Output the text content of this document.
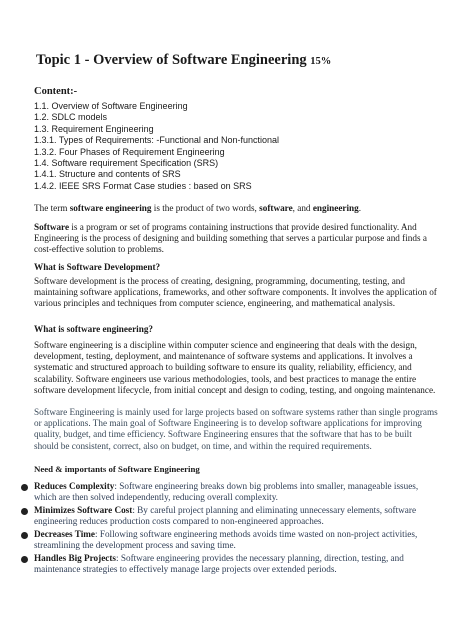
Topic 1 - Overview of Software Engineering 15%
Content:-
1.1. Overview of Software Engineering
1.2. SDLC models
1.3. Requirement Engineering
1.3.1. Types of Requirements: -Functional and Non-functional
1.3.2. Four Phases of Requirement Engineering
1.4. Software requirement Specification (SRS)
1.4.1. Structure and contents of SRS
1.4.2. IEEE SRS Format Case studies : based on SRS
The term software engineering is the product of two words, software, and engineering.
Software is a program or set of programs containing instructions that provide desired functionality. And Engineering is the process of designing and building something that serves a particular purpose and finds a cost-effective solution to problems.
What is Software Development?
Software development is the process of creating, designing, programming, documenting, testing, and maintaining software applications, frameworks, and other software components. It involves the application of various principles and techniques from computer science, engineering, and mathematical analysis.
What is software engineering?
Software engineering is a discipline within computer science and engineering that deals with the design, development, testing, deployment, and maintenance of software systems and applications. It involves a systematic and structured approach to building software to ensure its quality, reliability, efficiency, and scalability. Software engineers use various methodologies, tools, and best practices to manage the entire software development lifecycle, from initial concept and design to coding, testing, and ongoing maintenance.
Software Engineering is mainly used for large projects based on software systems rather than single programs or applications. The main goal of Software Engineering is to develop software applications for improving quality, budget, and time efficiency. Software Engineering ensures that the software that has to be built should be consistent, correct, also on budget, on time, and within the required requirements.
Need & importants of Software Engineering
Reduces Complexity: Software engineering breaks down big problems into smaller, manageable issues, which are then solved independently, reducing overall complexity.
Minimizes Software Cost: By careful project planning and eliminating unnecessary elements, software engineering reduces production costs compared to non-engineered approaches.
Decreases Time: Following software engineering methods avoids time wasted on non-project activities, streamlining the development process and saving time.
Handles Big Projects: Software engineering provides the necessary planning, direction, testing, and maintenance strategies to effectively manage large projects over extended periods.
